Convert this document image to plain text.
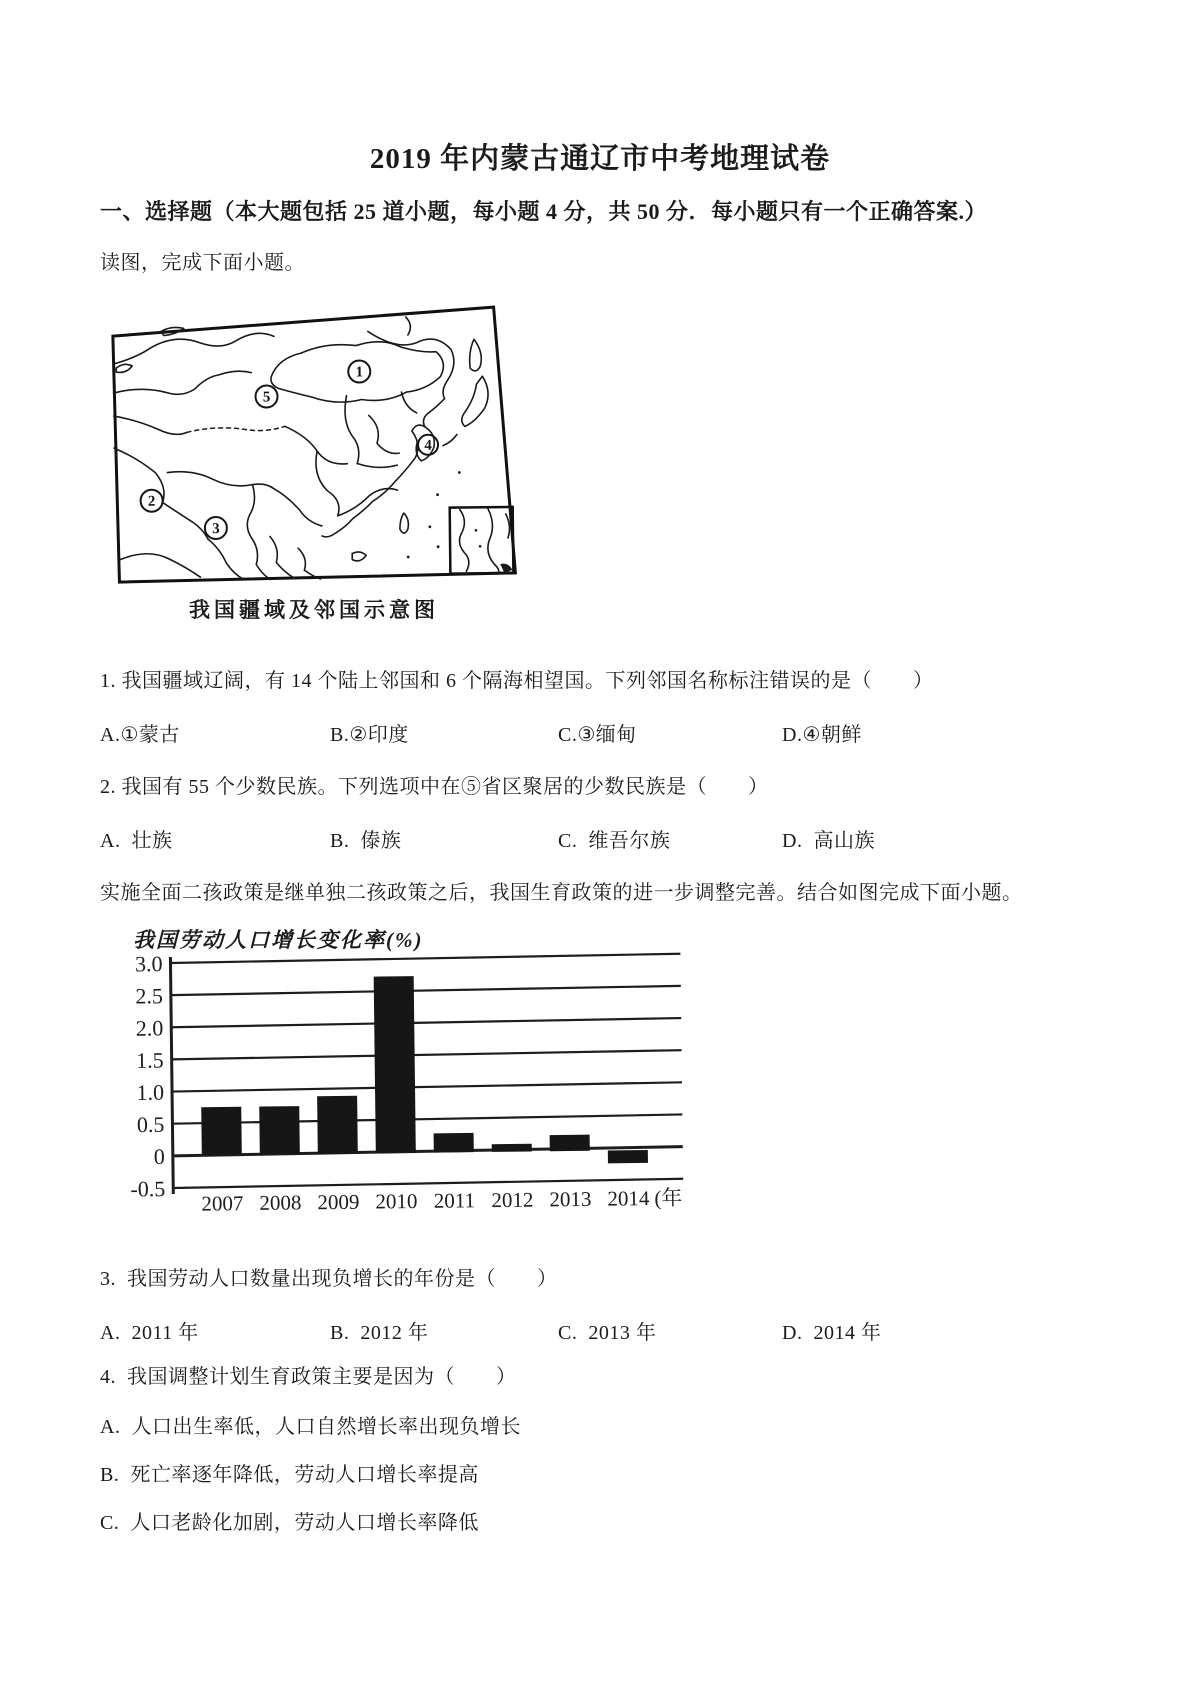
2019 年内蒙古通辽市中考地理试卷
一、选择题（本大题包括 25 道小题，每小题 4 分，共 50 分．每小题只有一个正确答案.）
读图，完成下面小题。
1
5
4
2
3
我国疆域及邻国示意图
1. 我国疆域辽阔，有 14 个陆上邻国和 6 个隔海相望国。下列邻国名称标注错误的是（　　）
A.①蒙古	B.②印度	C.③缅甸	D.④朝鲜
2. 我国有 55 个少数民族。下列选项中在⑤省区聚居的少数民族是（　　）
A.  壮族	B.  傣族	C.  维吾尔族	D.  高山族
实施全面二孩政策是继单独二孩政策之后，我国生育政策的进一步调整完善。结合如图完成下面小题。
我国劳动人口增长变化率(%)
3.0
2.5
2.0
1.5
1.0
0.5
0
-0.5
2007 2008 2009 2010 2011 2012 2013 2014 (年
3.  我国劳动人口数量出现负增长的年份是（　　）
A.  2011 年	B.  2012 年	C.  2013 年	D.  2014 年
4.  我国调整计划生育政策主要是因为（　　）
A.  人口出生率低，人口自然增长率出现负增长
B.  死亡率逐年降低，劳动人口增长率提高
C.  人口老龄化加剧，劳动人口增长率降低
